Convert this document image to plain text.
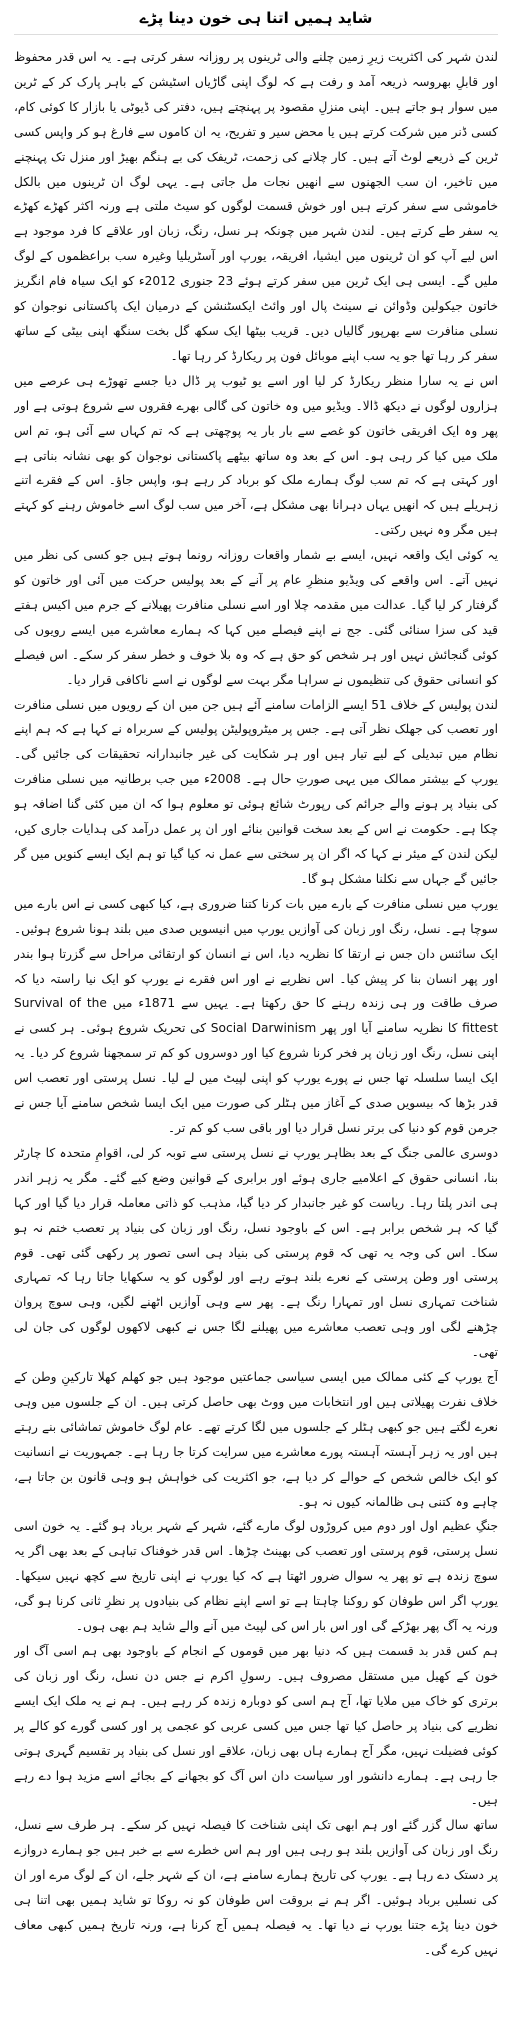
شاید ہمیں اتنا ہی خون دینا پڑے

لندن شہر کی اکثریت زیرِ زمین چلنے والی ٹرینوں پر روزانہ سفر کرتی ہے۔ یہ اس قدر محفوظ اور قابلِ بھروسہ ذریعہ آمد و رفت ہے کہ لوگ اپنی گاڑیاں اسٹیشن کے باہر پارک کر کے ٹرین میں سوار ہو جاتے ہیں۔ اپنی منزلِ مقصود پر پہنچتے ہیں، دفتر کی ڈیوٹی یا بازار کا کوئی کام، کسی ڈنر میں شرکت کرتے ہیں یا محض سیر و تفریح، یہ ان کاموں سے فارغ ہو کر واپس کسی ٹرین کے ذریعے لوٹ آتے ہیں۔ کار چلانے کی زحمت، ٹریفک کی بے ہنگم بھیڑ اور منزل تک پہنچنے میں تاخیر، ان سب الجھنوں سے انھیں نجات مل جاتی ہے۔ یہی لوگ ان ٹرینوں میں بالکل خاموشی سے سفر کرتے ہیں اور خوش قسمت لوگوں کو سیٹ ملتی ہے ورنہ اکثر کھڑے کھڑے یہ سفر طے کرتے ہیں۔ لندن شہر میں چونکہ ہر نسل، رنگ، زبان اور علاقے کا فرد موجود ہے اس لیے آپ کو ان ٹرینوں میں ایشیا، افریقہ، یورپ اور آسٹریلیا وغیرہ سب براعظموں کے لوگ ملیں گے۔ ایسی ہی ایک ٹرین میں سفر کرتے ہوئے 23 جنوری 2012ء کو ایک سیاہ فام انگریز خاتون جیکولین وڈوائن نے سینٹ پال اور وائٹ ایکسٹنشن کے درمیان ایک پاکستانی نوجوان کو نسلی منافرت سے بھرپور گالیاں دیں۔ قریب بیٹھا ایک سکھ گل بخت سنگھ اپنی بیٹی کے ساتھ سفر کر رہا تھا جو یہ سب اپنے موبائل فون پر ریکارڈ کر رہا تھا۔

اس نے یہ سارا منظر ریکارڈ کر لیا اور اسے یو ٹیوب پر ڈال دیا جسے تھوڑے ہی عرصے میں ہزاروں لوگوں نے دیکھ ڈالا۔ ویڈیو میں وہ خاتون کی گالی بھرے فقروں سے شروع ہوتی ہے اور پھر وہ ایک افریقی خاتون کو غصے سے بار بار یہ پوچھتی ہے کہ تم کہاں سے آئی ہو، تم اس ملک میں کیا کر رہی ہو۔ اس کے بعد وہ ساتھ بیٹھے پاکستانی نوجوان کو بھی نشانہ بناتی ہے اور کہتی ہے کہ تم سب لوگ ہمارے ملک کو برباد کر رہے ہو، واپس جاؤ۔ اس کے فقرے اتنے زہریلے ہیں کہ انھیں یہاں دہرانا بھی مشکل ہے، آخر میں سب لوگ اسے خاموش رہنے کو کہتے ہیں مگر وہ نہیں رکتی۔

یہ کوئی ایک واقعہ نہیں، ایسے بے شمار واقعات روزانہ رونما ہوتے ہیں جو کسی کی نظر میں نہیں آتے۔ اس واقعے کی ویڈیو منظرِ عام پر آنے کے بعد پولیس حرکت میں آئی اور خاتون کو گرفتار کر لیا گیا۔ عدالت میں مقدمہ چلا اور اسے نسلی منافرت پھیلانے کے جرم میں اکیس ہفتے قید کی سزا سنائی گئی۔ جج نے اپنے فیصلے میں کہا کہ ہمارے معاشرے میں ایسے رویوں کی کوئی گنجائش نہیں اور ہر شخص کو حق ہے کہ وہ بلا خوف و خطر سفر کر سکے۔ اس فیصلے کو انسانی حقوق کی تنظیموں نے سراہا مگر بہت سے لوگوں نے اسے ناکافی قرار دیا۔

لندن پولیس کے خلاف 51 ایسے الزامات سامنے آئے ہیں جن میں ان کے رویوں میں نسلی منافرت اور تعصب کی جھلک نظر آتی ہے۔ جس پر میٹروپولیٹن پولیس کے سربراہ نے کہا ہے کہ ہم اپنے نظام میں تبدیلی کے لیے تیار ہیں اور ہر شکایت کی غیر جانبدارانہ تحقیقات کی جائیں گی۔ یورپ کے بیشتر ممالک میں یہی صورتِ حال ہے۔ 2008ء میں جب برطانیہ میں نسلی منافرت کی بنیاد پر ہونے والے جرائم کی رپورٹ شائع ہوئی تو معلوم ہوا کہ ان میں کئی گنا اضافہ ہو چکا ہے۔ حکومت نے اس کے بعد سخت قوانین بنائے اور ان پر عمل درآمد کی ہدایات جاری کیں، لیکن لندن کے میئر نے کہا کہ اگر ان پر سختی سے عمل نہ کیا گیا تو ہم ایک ایسے کنویں میں گر جائیں گے جہاں سے نکلنا مشکل ہو گا۔

یورپ میں نسلی منافرت کے بارے میں بات کرنا کتنا ضروری ہے، کیا کبھی کسی نے اس بارے میں سوچا ہے۔ نسل، رنگ اور زبان کی آوازیں یورپ میں انیسویں صدی میں بلند ہونا شروع ہوئیں۔ ایک سائنس دان جس نے ارتقا کا نظریہ دیا، اس نے انسان کو ارتقائی مراحل سے گزرتا ہوا بندر اور پھر انسان بنا کر پیش کیا۔ اس نظریے نے اور اس فقرے نے یورپ کو ایک نیا راستہ دیا کہ صرف طاقت ور ہی زندہ رہنے کا حق رکھتا ہے۔ یہیں سے 1871ء میں Survival of the fittest کا نظریہ سامنے آیا اور پھر Social Darwinism کی تحریک شروع ہوئی۔ ہر کسی نے اپنی نسل، رنگ اور زبان پر فخر کرنا شروع کیا اور دوسروں کو کم تر سمجھنا شروع کر دیا۔ یہ ایک ایسا سلسلہ تھا جس نے پورے یورپ کو اپنی لپیٹ میں لے لیا۔ نسل پرستی اور تعصب اس قدر بڑھا کہ بیسویں صدی کے آغاز میں ہٹلر کی صورت میں ایک ایسا شخص سامنے آیا جس نے جرمن قوم کو دنیا کی برتر نسل قرار دیا اور باقی سب کو کم تر۔

دوسری عالمی جنگ کے بعد بظاہر یورپ نے نسل پرستی سے توبہ کر لی، اقوامِ متحدہ کا چارٹر بنا، انسانی حقوق کے اعلامیے جاری ہوئے اور برابری کے قوانین وضع کیے گئے۔ مگر یہ زہر اندر ہی اندر پلتا رہا۔ ریاست کو غیر جانبدار کر دیا گیا، مذہب کو ذاتی معاملہ قرار دیا گیا اور کہا گیا کہ ہر شخص برابر ہے۔ اس کے باوجود نسل، رنگ اور زبان کی بنیاد پر تعصب ختم نہ ہو سکا۔ اس کی وجہ یہ تھی کہ قوم پرستی کی بنیاد ہی اسی تصور پر رکھی گئی تھی۔ قوم پرستی اور وطن پرستی کے نعرے بلند ہوتے رہے اور لوگوں کو یہ سکھایا جاتا رہا کہ تمہاری شناخت تمہاری نسل اور تمہارا رنگ ہے۔ پھر سے وہی آوازیں اٹھنے لگیں، وہی سوچ پروان چڑھنے لگی اور وہی تعصب معاشرے میں پھیلنے لگا جس نے کبھی لاکھوں لوگوں کی جان لی تھی۔

آج یورپ کے کئی ممالک میں ایسی سیاسی جماعتیں موجود ہیں جو کھلم کھلا تارکینِ وطن کے خلاف نفرت پھیلاتی ہیں اور انتخابات میں ووٹ بھی حاصل کرتی ہیں۔ ان کے جلسوں میں وہی نعرے لگتے ہیں جو کبھی ہٹلر کے جلسوں میں لگا کرتے تھے۔ عام لوگ خاموش تماشائی بنے رہتے ہیں اور یہ زہر آہستہ آہستہ پورے معاشرے میں سرایت کرتا جا رہا ہے۔ جمہوریت نے انسانیت کو ایک خالص شخص کے حوالے کر دیا ہے، جو اکثریت کی خواہش ہو وہی قانون بن جاتا ہے، چاہے وہ کتنی ہی ظالمانہ کیوں نہ ہو۔

جنگِ عظیم اول اور دوم میں کروڑوں لوگ مارے گئے، شہر کے شہر برباد ہو گئے۔ یہ خون اسی نسل پرستی، قوم پرستی اور تعصب کی بھینٹ چڑھا۔ اس قدر خوفناک تباہی کے بعد بھی اگر یہ سوچ زندہ ہے تو پھر یہ سوال ضرور اٹھتا ہے کہ کیا یورپ نے اپنی تاریخ سے کچھ نہیں سیکھا۔ یورپ اگر اس طوفان کو روکنا چاہتا ہے تو اسے اپنے نظام کی بنیادوں پر نظرِ ثانی کرنا ہو گی، ورنہ یہ آگ پھر بھڑکے گی اور اس بار اس کی لپیٹ میں آنے والے شاید ہم بھی ہوں۔

ہم کس قدر بد قسمت ہیں کہ دنیا بھر میں قوموں کے انجام کے باوجود بھی ہم اسی آگ اور خون کے کھیل میں مستقل مصروف ہیں۔ رسولِ اکرم نے جس دن نسل، رنگ اور زبان کی برتری کو خاک میں ملایا تھا، آج ہم اسی کو دوبارہ زندہ کر رہے ہیں۔ ہم نے یہ ملک ایک ایسے نظریے کی بنیاد پر حاصل کیا تھا جس میں کسی عربی کو عجمی پر اور کسی گورے کو کالے پر کوئی فضیلت نہیں، مگر آج ہمارے ہاں بھی زبان، علاقے اور نسل کی بنیاد پر تقسیم گہری ہوتی جا رہی ہے۔ ہمارے دانشور اور سیاست دان اس آگ کو بجھانے کے بجائے اسے مزید ہوا دے رہے ہیں۔

ساتھ سال گزر گئے اور ہم ابھی تک اپنی شناخت کا فیصلہ نہیں کر سکے۔ ہر طرف سے نسل، رنگ اور زبان کی آوازیں بلند ہو رہی ہیں اور ہم اس خطرے سے بے خبر ہیں جو ہمارے دروازے پر دستک دے رہا ہے۔ یورپ کی تاریخ ہمارے سامنے ہے، ان کے شہر جلے، ان کے لوگ مرے اور ان کی نسلیں برباد ہوئیں۔ اگر ہم نے بروقت اس طوفان کو نہ روکا تو شاید ہمیں بھی اتنا ہی خون دینا پڑے جتنا یورپ نے دیا تھا۔ یہ فیصلہ ہمیں آج کرنا ہے، ورنہ تاریخ ہمیں کبھی معاف نہیں کرے گی۔
